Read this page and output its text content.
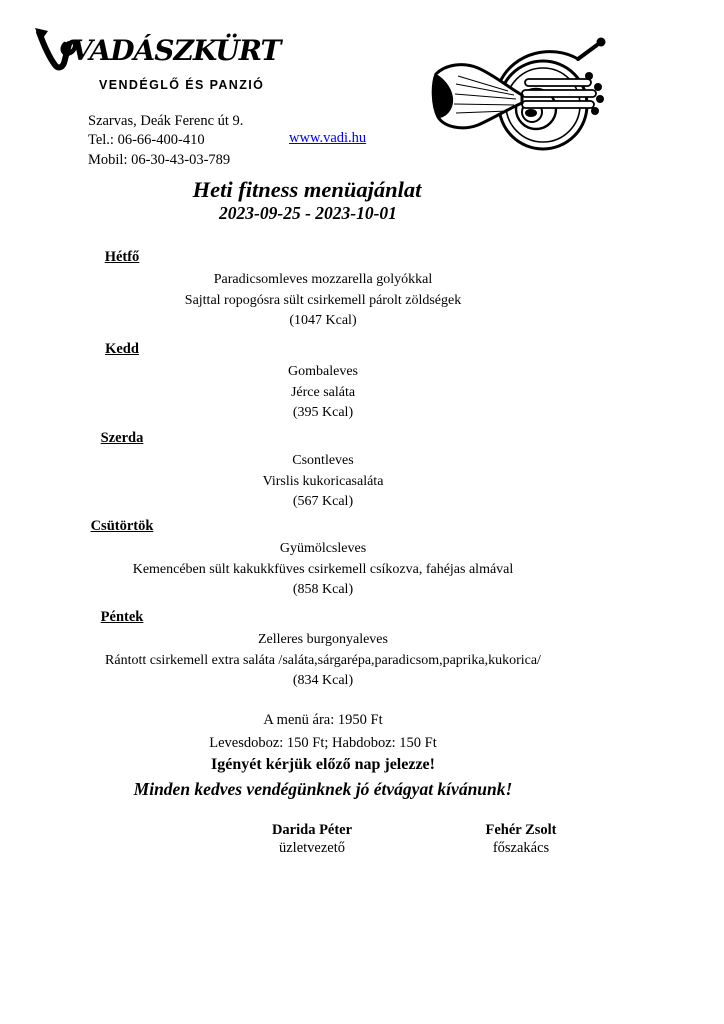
VADÁSZKÜRT
VENDÉGLŐ ÉS PANZIÓ
Szarvas, Deák Ferenc út 9.
Tel.: 06-66-400-410
Mobil: 06-30-43-03-789
www.vadi.hu
Heti fitness menüajánlat
2023-09-25 - 2023-10-01
Hétfő
Paradicsomleves mozzarella golyókkal
Sajttal ropogósra sült csirkemell párolt zöldségek
(1047 Kcal)
Kedd
Gombaleves
Jérce saláta
(395 Kcal)
Szerda
Csontleves
Virslis kukoricasaláta
(567 Kcal)
Csütörtök
Gyümölcsleves
Kemencében sült kakukkfüves csirkemell csíkozva, fahéjas almával
(858 Kcal)
Péntek
Zelleres burgonyaleves
Rántott csirkemell extra saláta /saláta,sárgarépa,paradicsom,paprika,kukorica/
(834 Kcal)
A menü ára: 1950 Ft
Levesdoboz: 150 Ft; Habdoboz: 150 Ft
Igényét kérjük előző nap jelezze!
Minden kedves vendégünknek jó étvágyat kívánunk!
Darida Péter
üzletvezető
Fehér Zsolt
főszakács
